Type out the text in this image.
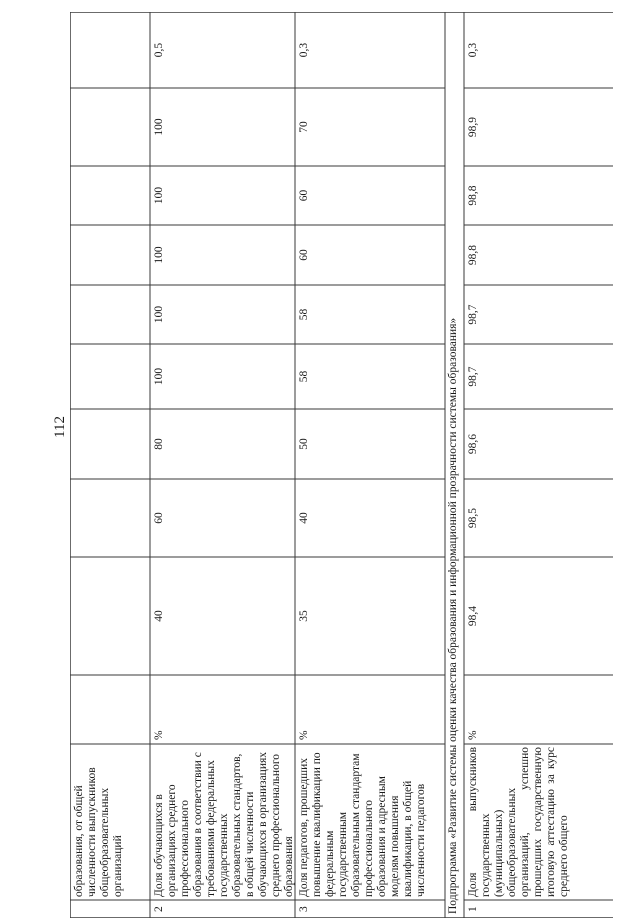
112
образования, от общей численности выпускников общеобразовательных организаций
2
Доля обучающихся в организациях среднего профессионального образования в соответствии с требованиями федеральных государственных образовательных стандартов, в общей численности обучающихся в организациях среднего профессионального образования
%
40
60
80
100
100
100
100
100
0,5
3
Доля педагогов, прошедших повышение квалификации по федеральным государственным образовательным стандартам профессионального образования и адресным моделям повышения квалификации, в общей численности педагогов
%
35
40
50
58
58
60
60
70
0,3
Подпрограмма «Развитие системы оценки качества образования и информационной прозрачности системы образования» 1
Доля выпускников государственных (муниципальных) общеобразовательных организаций, успешно прошедших государственную итоговую аттестацию за курс среднего общего
%
98,4
98,5
98,6
98,7
98,7
98,8
98,8
98,9
0,3
